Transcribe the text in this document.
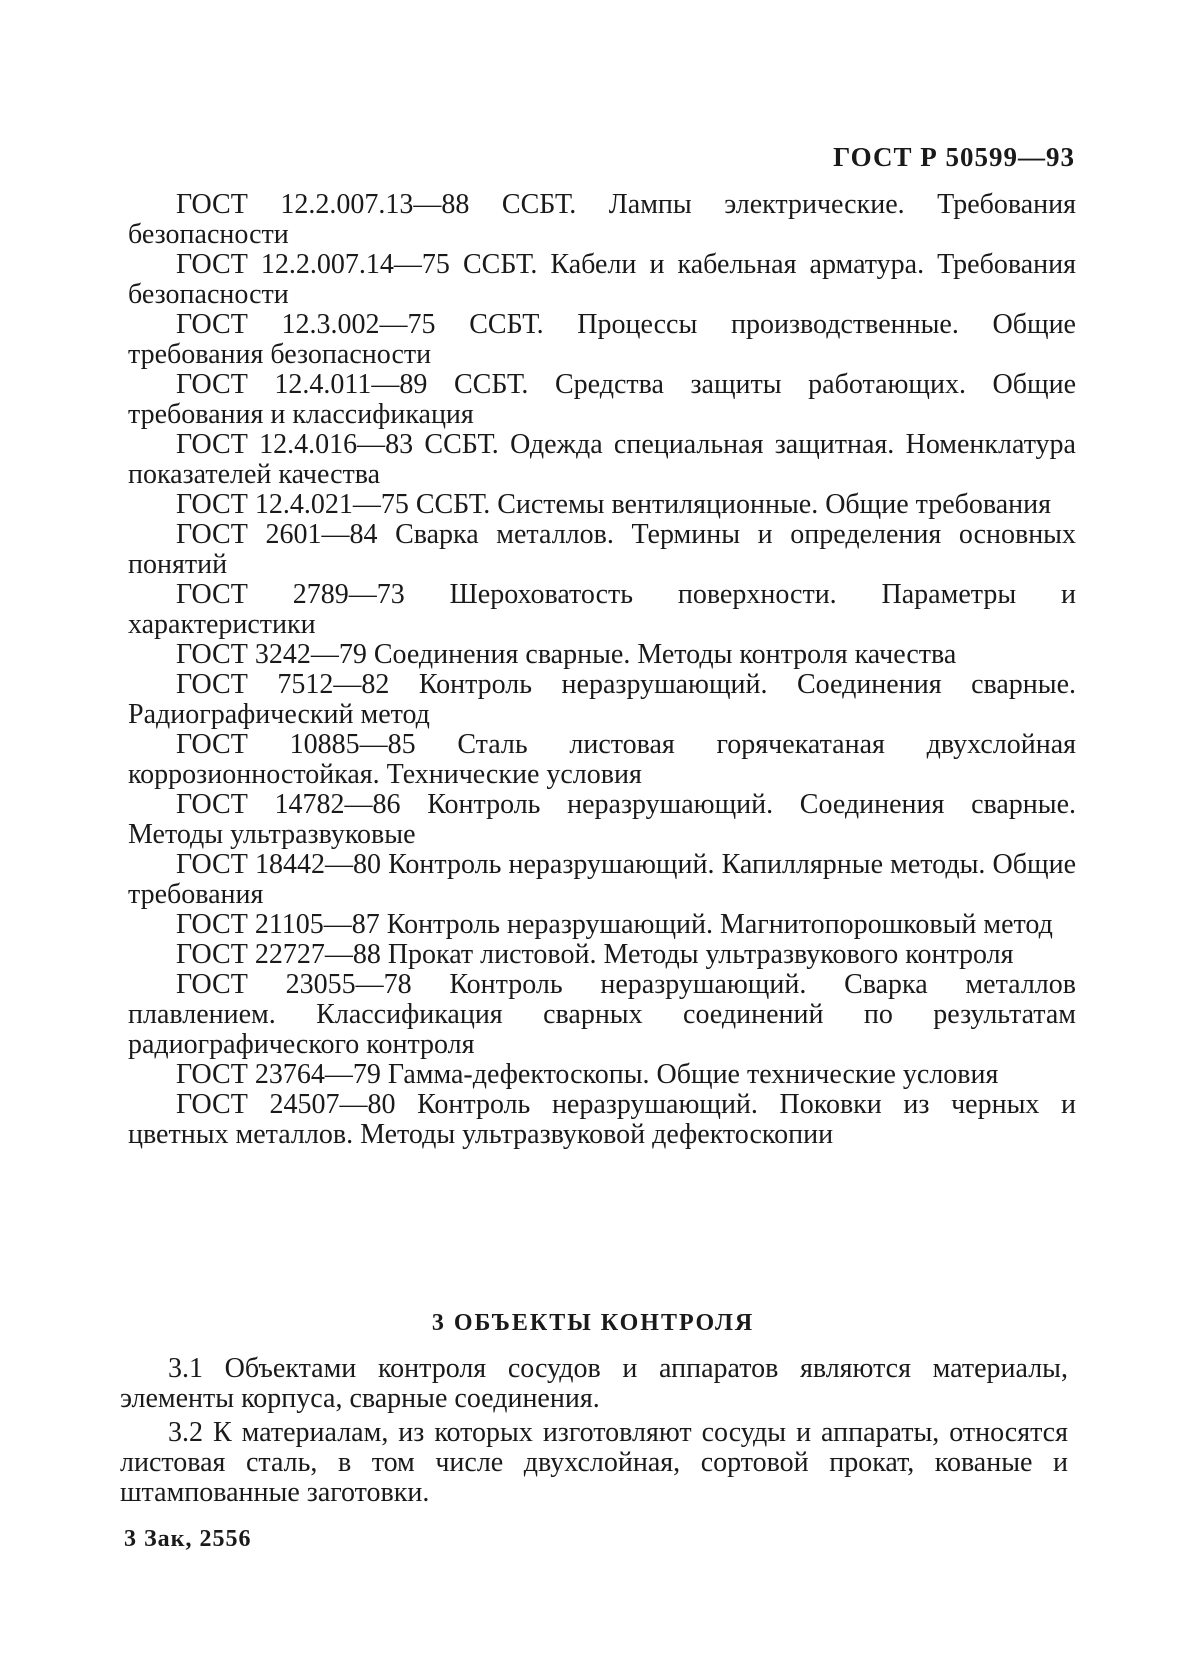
ГОСТ Р 50599—93

ГОСТ 12.2.007.13—88 ССБТ. Лампы электрические. Требования безопасности

ГОСТ 12.2.007.14—75 ССБТ. Кабели и кабельная арматура. Требования безопасности

ГОСТ 12.3.002—75 ССБТ. Процессы производственные. Общие требования безопасности

ГОСТ 12.4.011—89 ССБТ. Средства защиты работающих. Общие требования и классификация

ГОСТ 12.4.016—83 ССБТ. Одежда специальная защитная. Номенклатура показателей качества

ГОСТ 12.4.021—75 ССБТ. Системы вентиляционные. Общие требования

ГОСТ 2601—84 Сварка металлов. Термины и определения основных понятий

ГОСТ 2789—73 Шероховатость поверхности. Параметры и характеристики

ГОСТ 3242—79 Соединения сварные. Методы контроля качества

ГОСТ 7512—82 Контроль неразрушающий. Соединения сварные. Радиографический метод

ГОСТ 10885—85 Сталь листовая горячекатаная двухслойная коррозионностойкая. Технические условия

ГОСТ 14782—86 Контроль неразрушающий. Соединения сварные. Методы ультразвуковые

ГОСТ 18442—80 Контроль неразрушающий. Капиллярные методы. Общие требования

ГОСТ 21105—87 Контроль неразрушающий. Магнитопорошковый метод

ГОСТ 22727—88 Прокат листовой. Методы ультразвукового контроля

ГОСТ 23055—78 Контроль неразрушающий. Сварка металлов плавлением. Классификация сварных соединений по результатам радиографического контроля

ГОСТ 23764—79 Гамма-дефектоскопы. Общие технические условия

ГОСТ 24507—80 Контроль неразрушающий. Поковки из черных и цветных металлов. Методы ультразвуковой дефектоскопии

3 ОБЪЕКТЫ КОНТРОЛЯ

3.1 Объектами контроля сосудов и аппаратов являются материалы, элементы корпуса, сварные соединения.

3.2 К материалам, из которых изготовляют сосуды и аппараты, относятся листовая сталь, в том числе двухслойная, сортовой прокат, кованые и штампованные заготовки.

3 Зак, 2556
